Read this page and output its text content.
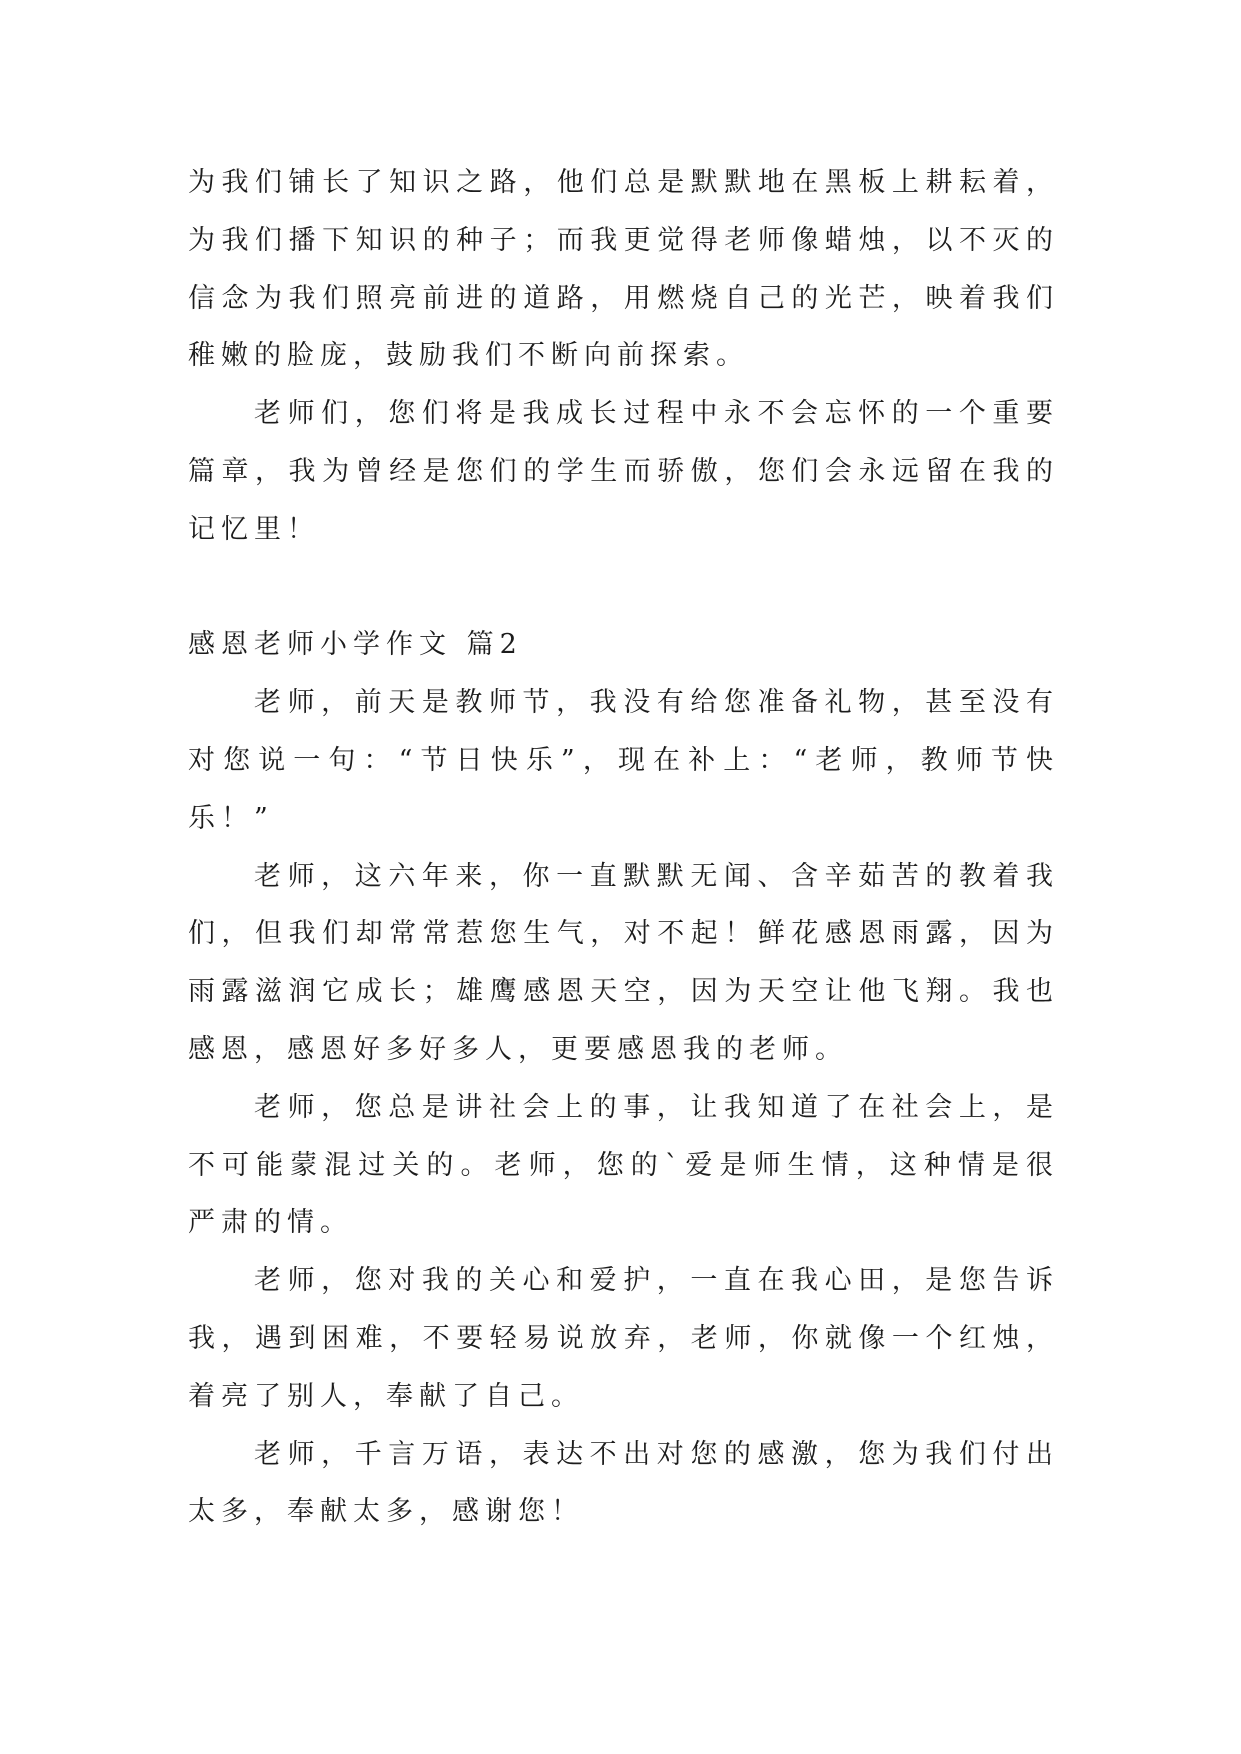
为我们铺长了知识之路，他们总是默默地在黑板上耕耘着，
为我们播下知识的种子；而我更觉得老师像蜡烛，以不灭的
信念为我们照亮前进的道路，用燃烧自己的光芒，映着我们
稚嫩的脸庞，鼓励我们不断向前探索。
老师们，您们将是我成长过程中永不会忘怀的一个重要
篇章，我为曾经是您们的学生而骄傲，您们会永远留在我的
记忆里！
感恩老师小学作文 篇2
老师，前天是教师节，我没有给您准备礼物，甚至没有
对您说一句：“节日快乐”，现在补上：“老师，教师节快
乐！”
老师，这六年来，你一直默默无闻、含辛茹苦的教着我
们，但我们却常常惹您生气，对不起！鲜花感恩雨露，因为
雨露滋润它成长；雄鹰感恩天空，因为天空让他飞翔。我也
感恩，感恩好多好多人，更要感恩我的老师。
老师，您总是讲社会上的事，让我知道了在社会上，是
不可能蒙混过关的。老师，您的`爱是师生情，这种情是很
严肃的情。
老师，您对我的关心和爱护，一直在我心田，是您告诉
我，遇到困难，不要轻易说放弃，老师，你就像一个红烛，
着亮了别人，奉献了自己。
老师，千言万语，表达不出对您的感激，您为我们付出
太多，奉献太多，感谢您！
